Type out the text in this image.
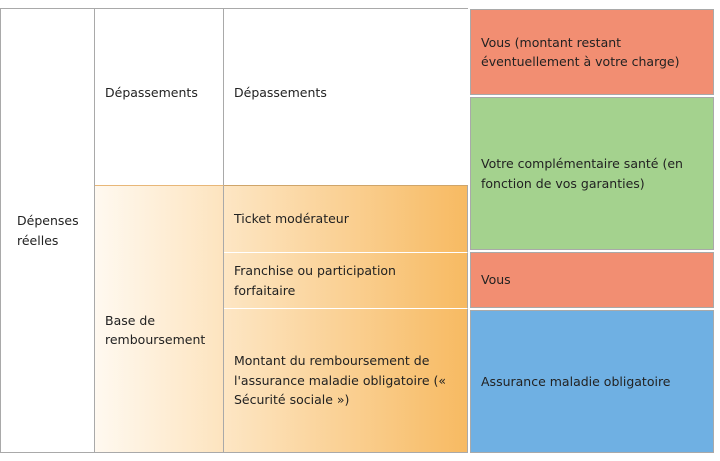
Dépenses réelles
Dépassements
Base de remboursement
Dépassements
Ticket modérateur
Franchise ou participation forfaitaire
Montant du remboursement de l'assurance maladie obligatoire (« Sécurité sociale »)
Vous (montant restant éventuellement à votre charge)
Votre complémentaire santé (en fonction de vos garanties)
Vous
Assurance maladie obligatoire
